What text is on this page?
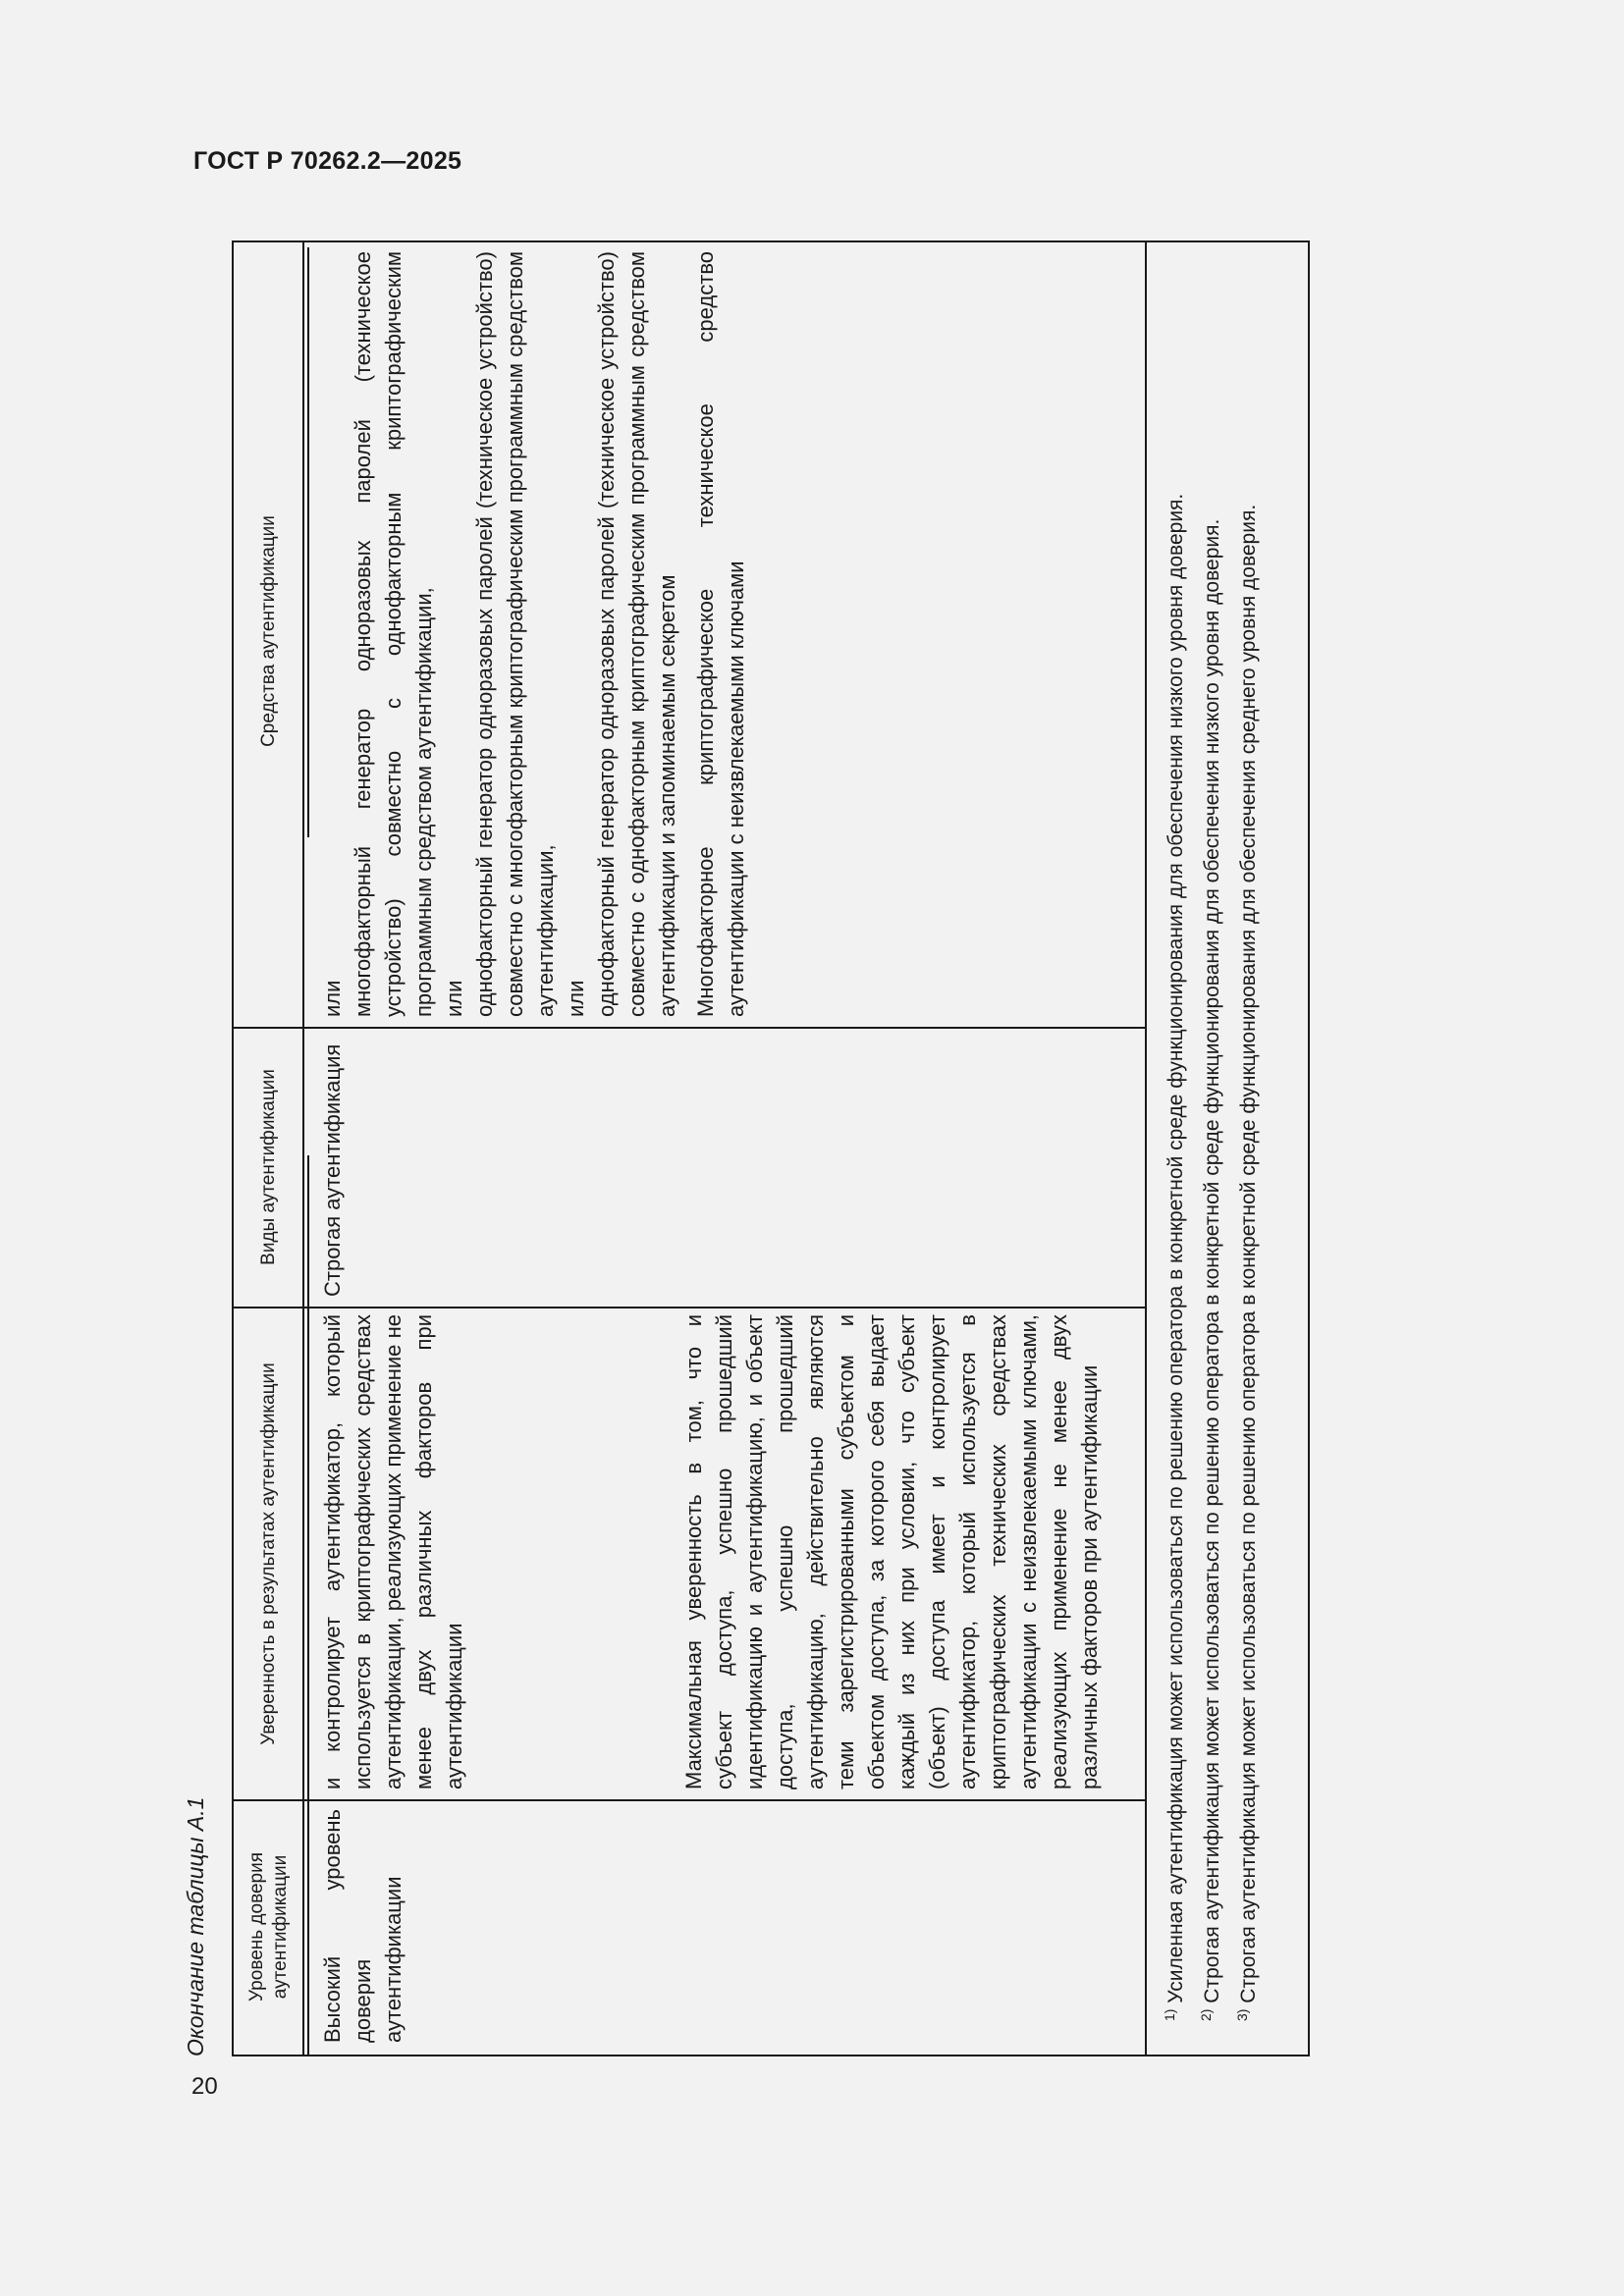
ГОСТ Р 70262.2—2025
20
Окончание таблицы А.1	Уровень доверия аутентификации
Уверенность в результатах аутентификации
Виды аутентификации
Средства аутентификации
Высокий уровень доверия аутентификации
и контролирует аутентификатор, который используется в криптографических средствах аутентификации, реализующих применение не менее двух различных факторов при аутентификации	Максимальная уверенность в том, что и субъект доступа, успешно прошедший идентификацию и аутентификацию, и объект доступа, успешно прошедший аутентификацию, действительно являются теми зарегистрированными субъектом и объектом доступа, за которого себя выдает каждый из них при условии, что субъект (объект) доступа имеет и контролирует аутентификатор, который используется в криптографических технических средствах аутентификации с неизвлекаемыми ключами, реализующих применение не менее двух различных факторов при аутентификации
Строгая аутентификация

или многофакторный генератор одноразовых паролей (техническое устройство) совместно с однофакторным криптографическим программным средством аутентификации, или однофакторный генератор одноразовых паролей (техническое устройство) совместно с многофакторным криптографическим программным средством аутентификации, или однофакторный генератор одноразовых паролей (техническое устройство) совместно с однофакторным криптографическим программным средством аутентификации и запоминаемым секретом Многофакторное криптографическое техническое средство аутентификации с неизвлекаемыми ключами

$^{1)}$ Усиленная аутентификация может использоваться по решению оператора в конкретной среде функционирования для обеспечения низкого уровня доверия.

$^{2)}$ Строгая аутентификация может использоваться по решению оператора в конкретной среде функционирования для обеспечения низкого уровня доверия.

$^{3)}$ Строгая аутентификация может использоваться по решению оператора в конкретной среде функционирования для обеспечения среднего уровня доверия.
